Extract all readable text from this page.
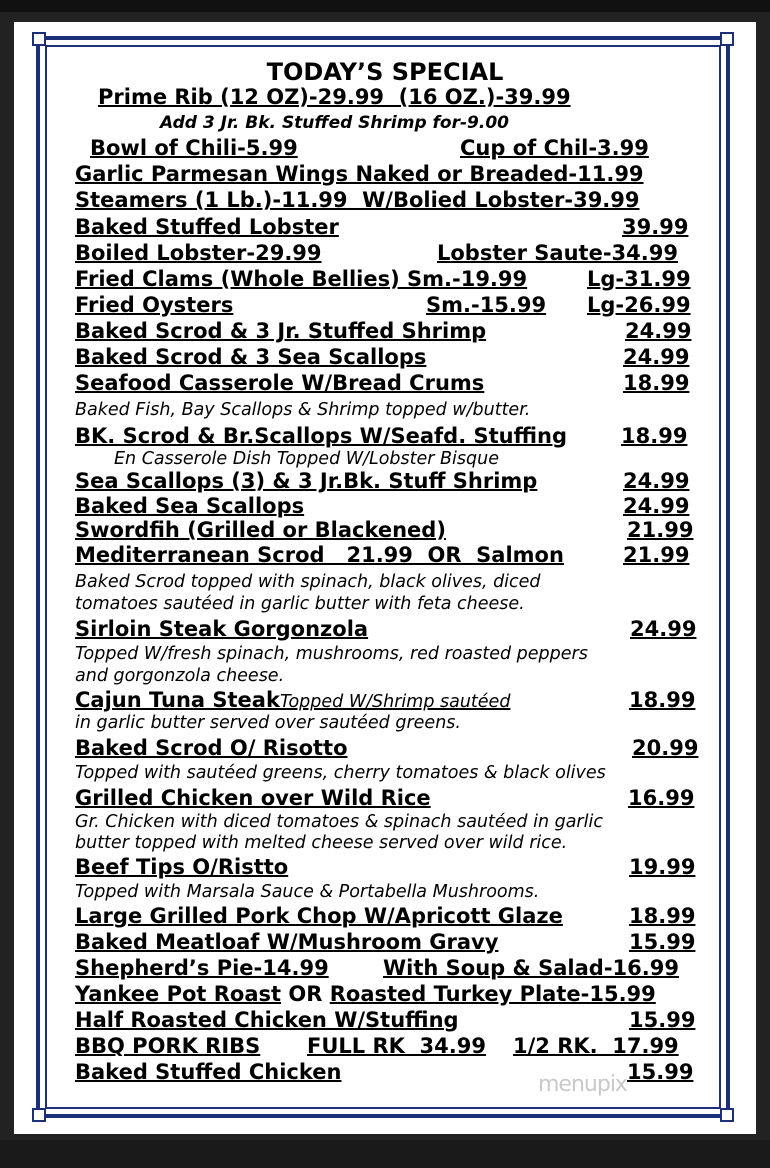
TODAY’S SPECIAL
Prime Rib (12 OZ)-29.99  (16 OZ.)-39.99
Add 3 Jr. Bk. Stuffed Shrimp for-9.00
Bowl of Chili-5.99	Cup of Chil-3.99
Garlic Parmesan Wings Naked or Breaded-11.99
Steamers (1 Lb.)-11.99  W/Bolied Lobster-39.99
Baked Stuffed Lobster	39.99
Boiled Lobster-29.99	Lobster Saute-34.99
Fried Clams (Whole Bellies) Sm.-19.99	Lg-31.99
Fried Oysters	Sm.-15.99 Lg-26.99
Baked Scrod & 3 Jr. Stuffed Shrimp	24.99
Baked Scrod & 3 Sea Scallops	24.99
Seafood Casserole W/Bread Crums	18.99
Baked Fish, Bay Scallops & Shrimp topped w/butter.
BK. Scrod & Br.Scallops W/Seafd. Stuffing	18.99
En Casserole Dish Topped W/Lobster Bisque
Sea Scallops (3) & 3 Jr.Bk. Stuff Shrimp	24.99
Baked Sea Scallops	24.99
Swordfih (Grilled or Blackened)	21.99
Mediterranean Scrod   21.99  OR  Salmon	21.99
Baked Scrod topped with spinach, black olives, diced
tomatoes sautéed in garlic butter with feta cheese.
Sirloin Steak Gorgonzola	24.99
Topped W/fresh spinach, mushrooms, red roasted peppers
and gorgonzola cheese.
Cajun Tuna SteakTopped W/Shrimp sautéed	18.99
in garlic butter served over sautéed greens.
Baked Scrod O/ Risotto	20.99
Topped with sautéed greens, cherry tomatoes & black olives
Grilled Chicken over Wild Rice	16.99
Gr. Chicken with diced tomatoes & spinach sautéed in garlic
butter topped with melted cheese served over wild rice.
Beef Tips O/Ristto	19.99
Topped with Marsala Sauce & Portabella Mushrooms.
Large Grilled Pork Chop W/Apricott Glaze	18.99
Baked Meatloaf W/Mushroom Gravy	15.99
Shepherd’s Pie-14.99	With Soup & Salad-16.99
Yankee Pot Roast OR Roasted Turkey Plate-15.99
Half Roasted Chicken W/Stuffing	15.99
BBQ PORK RIBS FULL RK  34.99 1/2 RK.  17.99
Baked Stuffed Chicken	15.99
menupix
